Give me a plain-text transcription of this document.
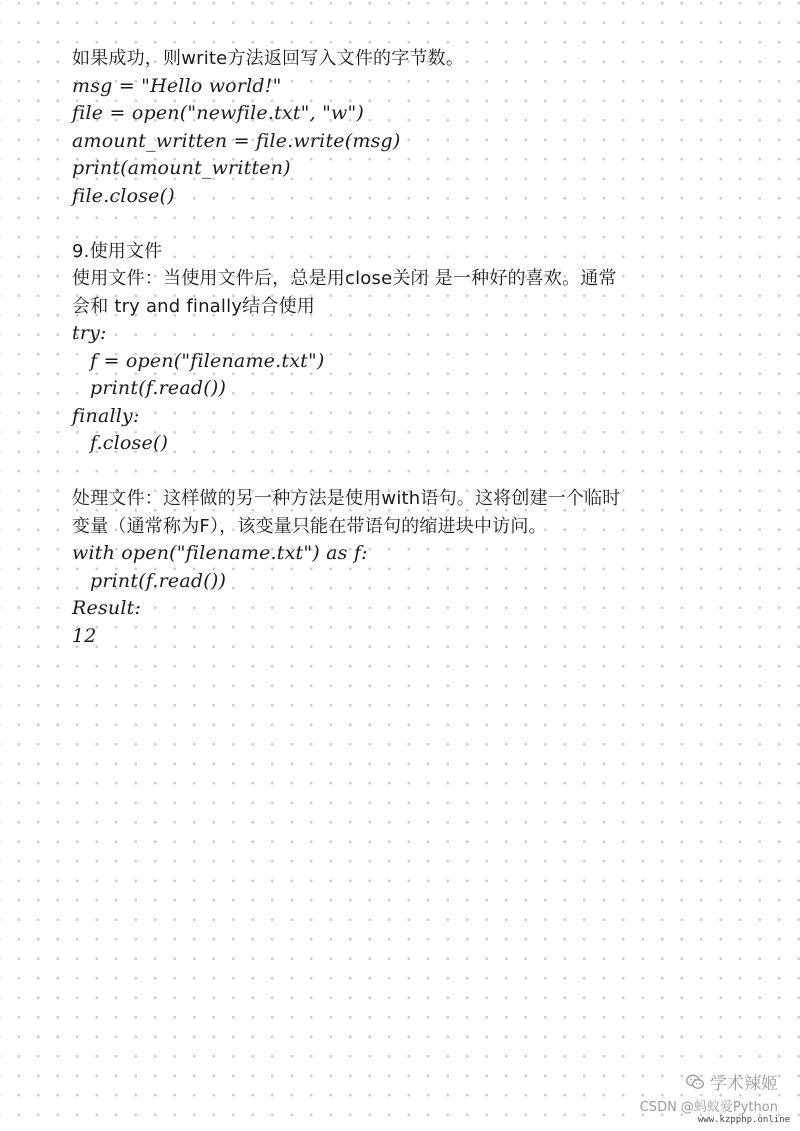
如果成功，则write方法返回写入文件的字节数。
msg = "Hello world!"
file = open("newfile.txt", "w")
amount_written = file.write(msg)
print(amount_written)
file.close()
9.使用文件
使用文件：当使用文件后，总是用close关闭 是一种好的喜欢。通常
会和 try and finally结合使用
try:
f = open("filename.txt")
print(f.read())
finally:
f.close()
处理文件：这样做的另一种方法是使用with语句。这将创建一个临时
变量（通常称为F），该变量只能在带语句的缩进块中访问。
with open("filename.txt") as f:
print(f.read())
Result:
12
学术辣姬
CSDN @蚂蚁爱Python
www.kzpphp.online
